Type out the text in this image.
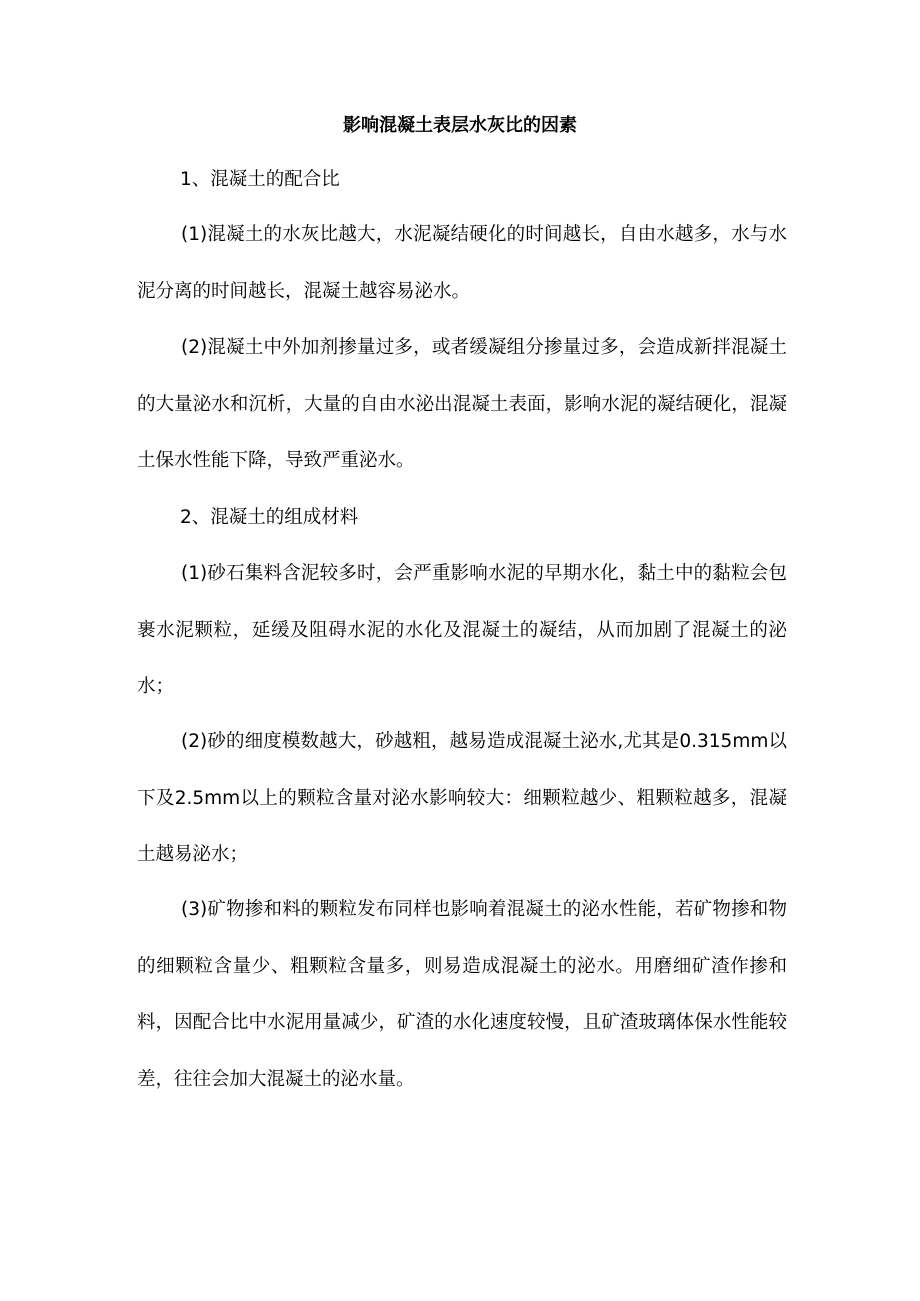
影响混凝土表层水灰比的因素

1、混凝土的配合比

(1)混凝土的水灰比越大，水泥凝结硬化的时间越长，自由水越多，水与水泥分离的时间越长，混凝土越容易泌水。

(2)混凝土中外加剂掺量过多，或者缓凝组分掺量过多，会造成新拌混凝土的大量泌水和沉析，大量的自由水泌出混凝土表面，影响水泥的凝结硬化，混凝土保水性能下降，导致严重泌水。

2、混凝土的组成材料

(1)砂石集料含泥较多时，会严重影响水泥的早期水化，黏土中的黏粒会包裹水泥颗粒，延缓及阻碍水泥的水化及混凝土的凝结，从而加剧了混凝土的泌水；

(2)砂的细度模数越大，砂越粗，越易造成混凝土泌水,尤其是0.315mm以下及2.5mm以上的颗粒含量对泌水影响较大：细颗粒越少、粗颗粒越多，混凝土越易泌水；

(3)矿物掺和料的颗粒发布同样也影响着混凝土的泌水性能，若矿物掺和物的细颗粒含量少、粗颗粒含量多，则易造成混凝土的泌水。用磨细矿渣作掺和料，因配合比中水泥用量减少，矿渣的水化速度较慢，且矿渣玻璃体保水性能较差，往往会加大混凝土的泌水量。
